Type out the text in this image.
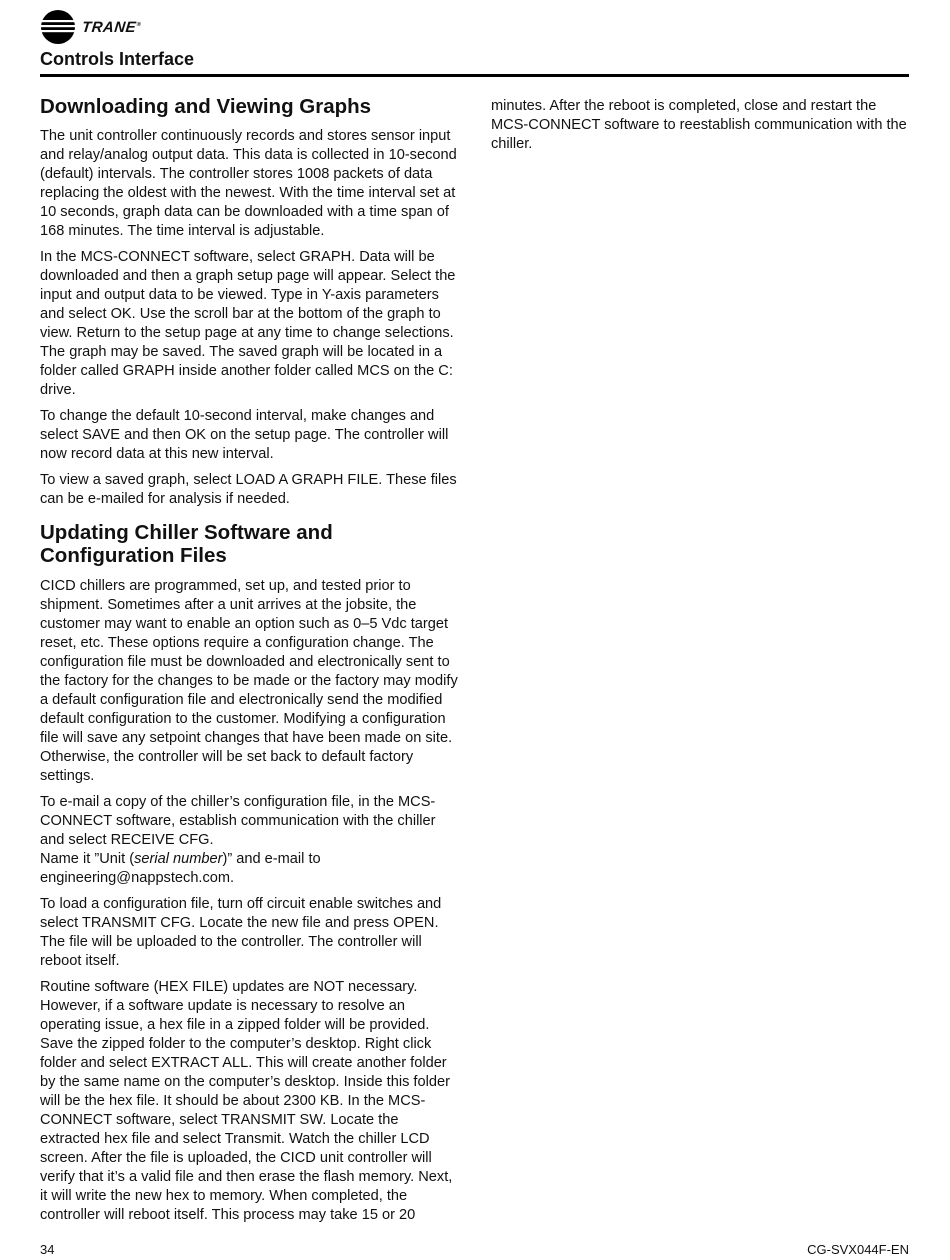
TRANE®
Controls Interface
Downloading and Viewing Graphs

The unit controller continuously records and stores sensor input and relay/analog output data. This data is collected in 10-second (default) intervals. The controller stores 1008 packets of data replacing the oldest with the newest. With the time interval set at 10 seconds, graph data can be downloaded with a time span of 168 minutes. The time interval is adjustable.

In the MCS-CONNECT software, select GRAPH. Data will be downloaded and then a graph setup page will appear. Select the input and output data to be viewed. Type in Y-axis parameters and select OK. Use the scroll bar at the bottom of the graph to view. Return to the setup page at any time to change selections. The graph may be saved. The saved graph will be located in a folder called GRAPH inside another folder called MCS on the C: drive.

To change the default 10-second interval, make changes and select SAVE and then OK on the setup page. The controller will now record data at this new interval.

To view a saved graph, select LOAD A GRAPH FILE. These files can be e-mailed for analysis if needed.

Updating Chiller Software and Configuration Files

CICD chillers are programmed, set up, and tested prior to shipment. Sometimes after a unit arrives at the jobsite, the customer may want to enable an option such as 0–5 Vdc target reset, etc. These options require a configuration change. The configuration file must be downloaded and electronically sent to the factory for the changes to be made or the factory may modify a default configuration file and electronically send the modified default configuration to the customer. Modifying a configuration file will save any setpoint changes that have been made on site. Otherwise, the controller will be set back to default factory settings.

To e-mail a copy of the chiller’s configuration file, in the MCS-CONNECT software, establish communication with the chiller and select RECEIVE CFG.
Name it ”Unit (serial number)” and e-mail to
engineering@nappstech.com.

To load a configuration file, turn off circuit enable switches and select TRANSMIT CFG. Locate the new file and press OPEN. The file will be uploaded to the controller. The controller will reboot itself.

Routine software (HEX FILE) updates are NOT necessary. However, if a software update is necessary to resolve an operating issue, a hex file in a zipped folder will be provided. Save the zipped folder to the computer’s desktop. Right click folder and select EXTRACT ALL. This will create another folder by the same name on the computer’s desktop. Inside this folder will be the hex file. It should be about 2300 KB. In the MCS-CONNECT software, select TRANSMIT SW. Locate the extracted hex file and select Transmit. Watch the chiller LCD screen. After the file is uploaded, the CICD unit controller will verify that it’s a valid file and then erase the flash memory. Next, it will write the new hex to memory. When completed, the controller will reboot itself. This process may take 15 or 20

minutes. After the reboot is completed, close and restart the MCS-CONNECT software to reestablish communication with the chiller.

34	CG-SVX044F-EN
